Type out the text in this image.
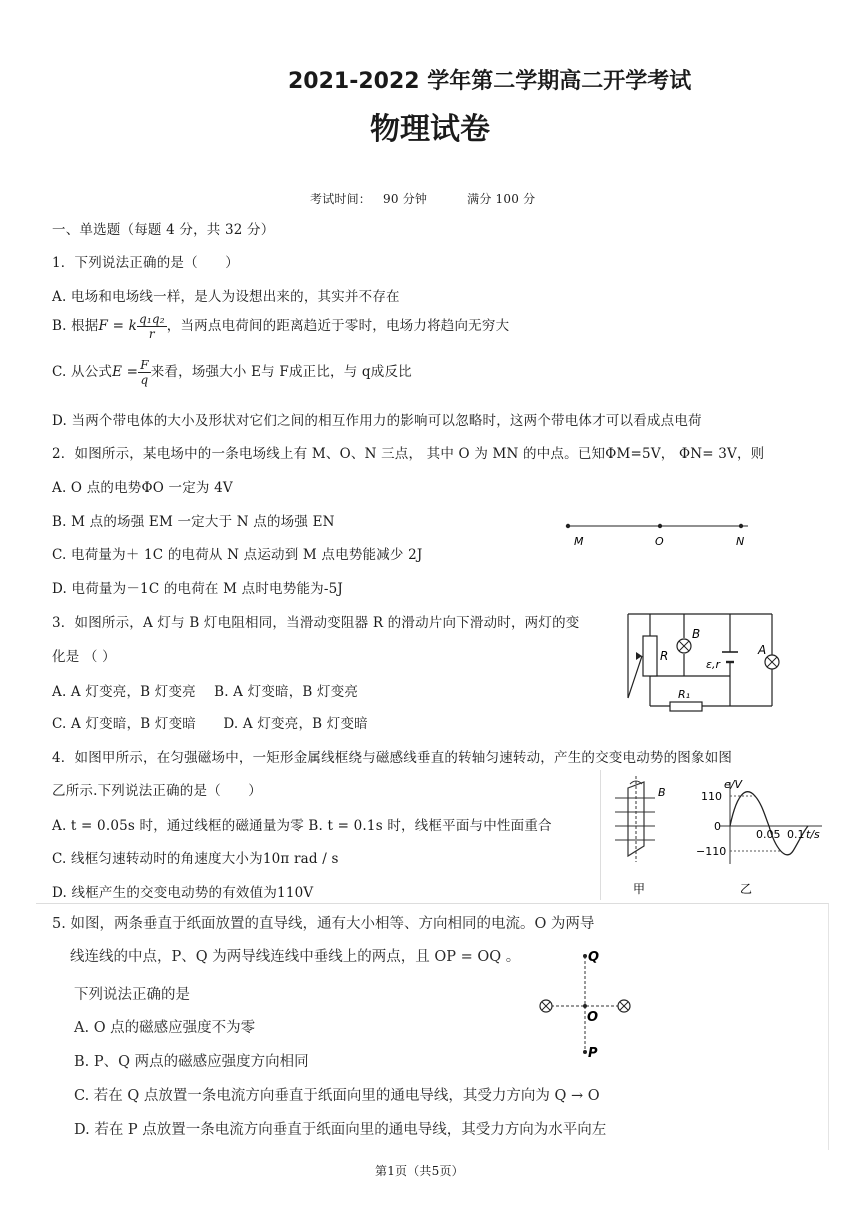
2021-2022 学年第二学期高二开学考试
物理试卷
考试时间： 90 分钟	满分 100 分
一、单选题（每题 4 分，共 32 分）
1．下列说法正确的是（　　）
A. 电场和电场线一样，是人为设想出来的，其实并不存在
B. 根据F = k $\frac{\text{q₁q₂}}{r}$ ，当两点电荷间的距离趋近于零时，电场力将趋向无穷大
C. 从公式$E = \frac{F}{q}$ 来看，场强大小 E与 F成正比，与 q成反比
D. 当两个带电体的大小及形状对它们之间的相互作用力的影响可以忽略时，这两个带电体才可以看成点电荷
2．如图所示，某电场中的一条电场线上有 M、O、N 三点， 其中 O 为 MN 的中点。已知ΦM=5V， ΦN= 3V，则
A. O 点的电势ΦO 一定为 4V
B. M 点的场强 EM 一定大于 N 点的场强 EN
C. 电荷量为＋ 1C 的电荷从 N 点运动到 M 点电势能减少 2J
D. 电荷量为－1C 的电荷在 M 点时电势能为-5J
M	O	N
3．如图所示，A 灯与 B 灯电阻相同，当滑动变阻器 R 的滑动片向下滑动时，两灯的变
化是 （ ）
A. A 灯变亮，B 灯变亮　 B. A 灯变暗，B 灯变亮
C. A 灯变暗，B 灯变暗　　D. A 灯变亮，B 灯变暗
R
B
ε,r
A
R₁
4．如图甲所示，在匀强磁场中，一矩形金属线框绕与磁感线垂直的转轴匀速转动，产生的交变电动势的图象如图
乙所示.下列说法正确的是（　　）
A. t = 0.05s 时，通过线框的磁通量为零 B. t = 0.1s 时，线框平面与中性面重合
C. 线框匀速转动时的角速度大小为10π rad / s
D. 线框产生的交变电动势的有效值为110V
B
甲
e/V
110
0
−110
0.05 0.1 t/s
乙
5. 如图，两条垂直于纸面放置的直导线，通有大小相等、方向相同的电流。O 为两导
线连线的中点，P、Q 为两导线连线中垂线上的两点，且 OP = OQ 。
下列说法正确的是
A. O 点的磁感应强度不为零
B. P、Q 两点的磁感应强度方向相同
C. 若在 Q 点放置一条电流方向垂直于纸面向里的通电导线，其受力方向为 Q → O
D. 若在 P 点放置一条电流方向垂直于纸面向里的通电导线，其受力方向为水平向左
Q
O
P
第1页（共5页）
